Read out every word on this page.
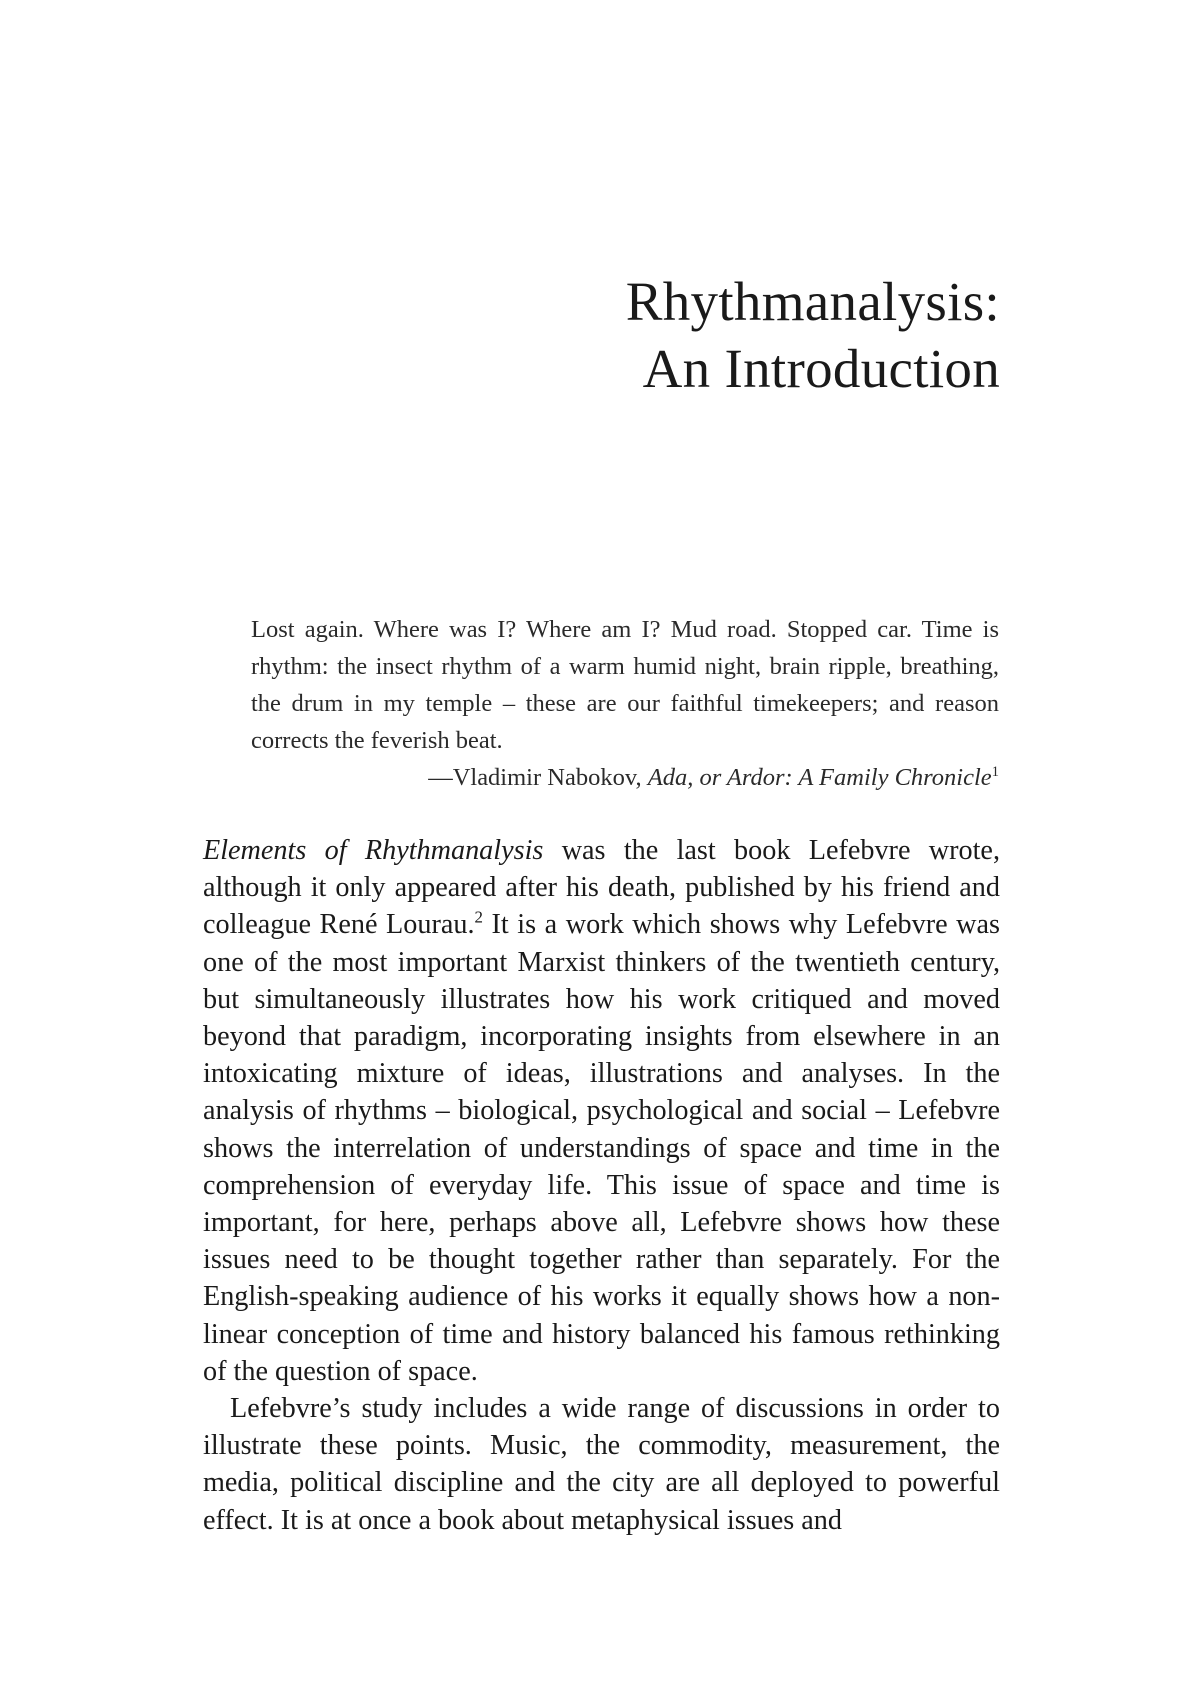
Rhythmanalysis:
An Introduction

Lost again. Where was I? Where am I? Mud road. Stopped car. Time is rhythm: the insect rhythm of a warm humid night, brain ripple, breathing, the drum in my temple – these are our faithful timekeepers; and reason corrects the feverish beat.

—Vladimir Nabokov, Ada, or Ardor: A Family Chronicle$^1$

Elements of Rhythmanalysis was the last book Lefebvre wrote, although it only appeared after his death, published by his friend and colleague René Lourau.$^2$ It is a work which shows why Lefebvre was one of the most important Marxist thinkers of the twentieth century, but simultaneously illustrates how his work critiqued and moved beyond that paradigm, incorporating insights from elsewhere in an intoxicating mixture of ideas, illustrations and analyses. In the analysis of rhythms – biological, psychological and social – Lefebvre shows the interrelation of understandings of space and time in the comprehension of everyday life. This issue of space and time is important, for here, perhaps above all, Lefebvre shows how these issues need to be thought together rather than separately. For the English-speaking audience of his works it equally shows how a non-linear conception of time and history balanced his famous rethinking of the question of space.

Lefebvre’s study includes a wide range of discussions in order to illustrate these points. Music, the commodity, measurement, the media, political discipline and the city are all deployed to powerful effect. It is at once a book about metaphysical issues and
